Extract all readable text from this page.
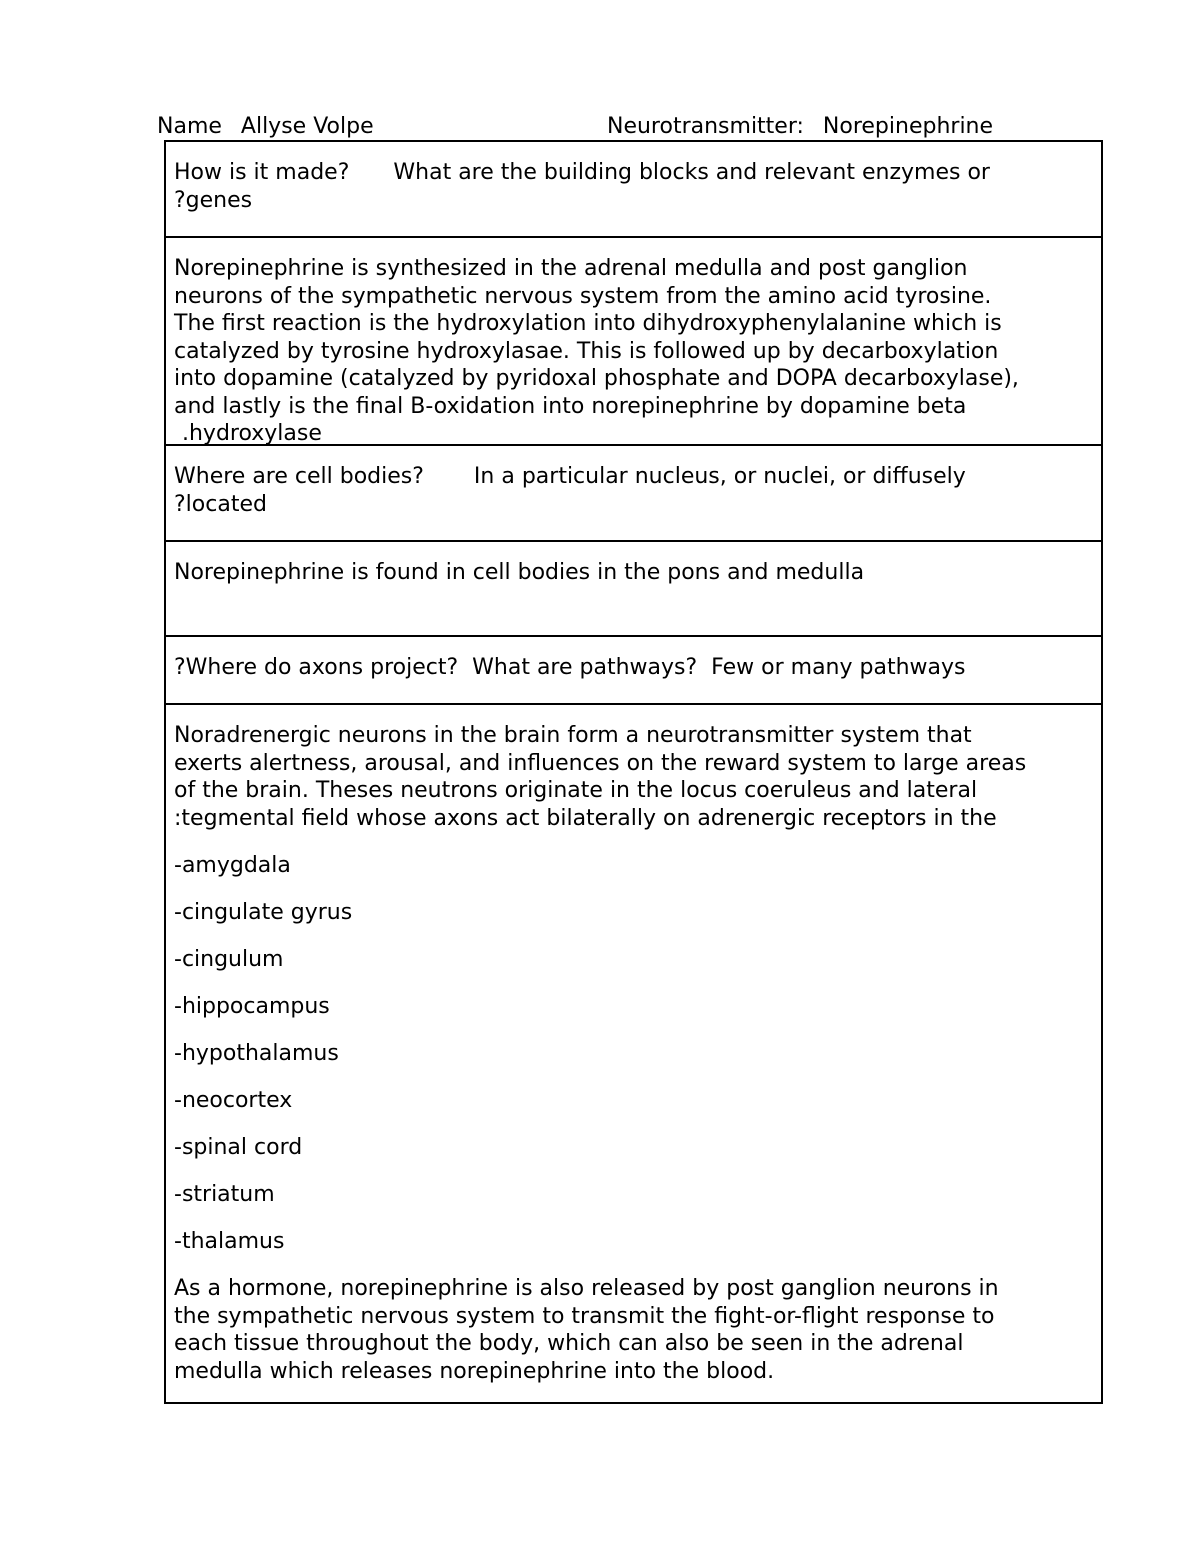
Name Allyse Volpe	Neurotransmitter: Norepinephrine
How is it made? What are the building blocks and relevant enzymes or
?genes
Norepinephrine is synthesized in the adrenal medulla and post ganglion
neurons of the sympathetic nervous system from the amino acid tyrosine.
The first reaction is the hydroxylation into dihydroxyphenylalanine which is
catalyzed by tyrosine hydroxylasae. This is followed up by decarboxylation
into dopamine (catalyzed by pyridoxal phosphate and DOPA decarboxylase),
and lastly is the final B-oxidation into norepinephrine by dopamine beta
.hydroxylase
Where are cell bodies? In a particular nucleus, or nuclei, or diffusely
?located
Norepinephrine is found in cell bodies in the pons and medulla
?Where do axons project? What are pathways? Few or many pathways
Noradrenergic neurons in the brain form a neurotransmitter system that
exerts alertness, arousal, and influences on the reward system to large areas
of the brain. Theses neutrons originate in the locus coeruleus and lateral
:tegmental field whose axons act bilaterally on adrenergic receptors in the
-amygdala
-cingulate gyrus
-cingulum
-hippocampus
-hypothalamus
-neocortex
-spinal cord
-striatum
-thalamus
As a hormone, norepinephrine is also released by post ganglion neurons in
the sympathetic nervous system to transmit the fight-or-flight response to
each tissue throughout the body, which can also be seen in the adrenal
medulla which releases norepinephrine into the blood.
